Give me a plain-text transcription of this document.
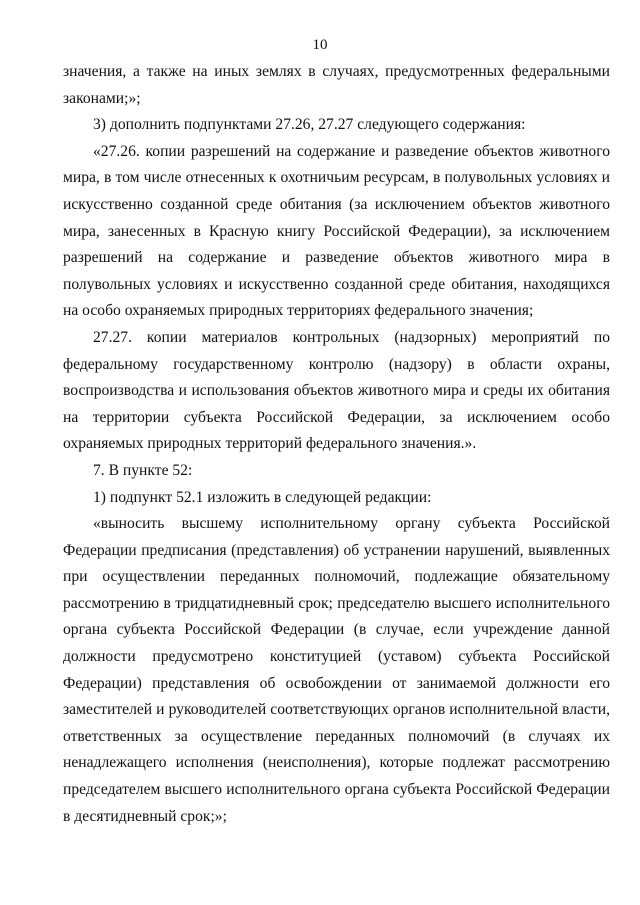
10

значения, а также на иных землях в случаях, предусмотренных федеральными законами;»;

3) дополнить подпунктами 27.26, 27.27 следующего содержания:

«27.26. копии разрешений на содержание и разведение объектов животного мира, в том числе отнесенных к охотничьим ресурсам, в полувольных условиях и искусственно созданной среде обитания (за исключением объектов животного мира, занесенных в Красную книгу Российской Федерации), за исключением разрешений на содержание и разведение объектов животного мира в полувольных условиях и искусственно созданной среде обитания, находящихся на особо охраняемых природных территориях федерального значения;

27.27. копии материалов контрольных (надзорных) мероприятий по федеральному государственному контролю (надзору) в области охраны, воспроизводства и использования объектов животного мира и среды их обитания на территории субъекта Российской Федерации, за исключением особо охраняемых природных территорий федерального значения.».

7. В пункте 52:

1) подпункт 52.1 изложить в следующей редакции:

«выносить высшему исполнительному органу субъекта Российской Федерации предписания (представления) об устранении нарушений, выявленных при осуществлении переданных полномочий, подлежащие обязательному рассмотрению в тридцатидневный срок; председателю высшего исполнительного органа субъекта Российской Федерации (в случае, если учреждение данной должности предусмотрено конституцией (уставом) субъекта Российской Федерации) представления об освобождении от занимаемой должности его заместителей и руководителей соответствующих органов исполнительной власти, ответственных за осуществление переданных полномочий (в случаях их ненадлежащего исполнения (неисполнения), которые подлежат рассмотрению председателем высшего исполнительного органа субъекта Российской Федерации в десятидневный срок;»;
